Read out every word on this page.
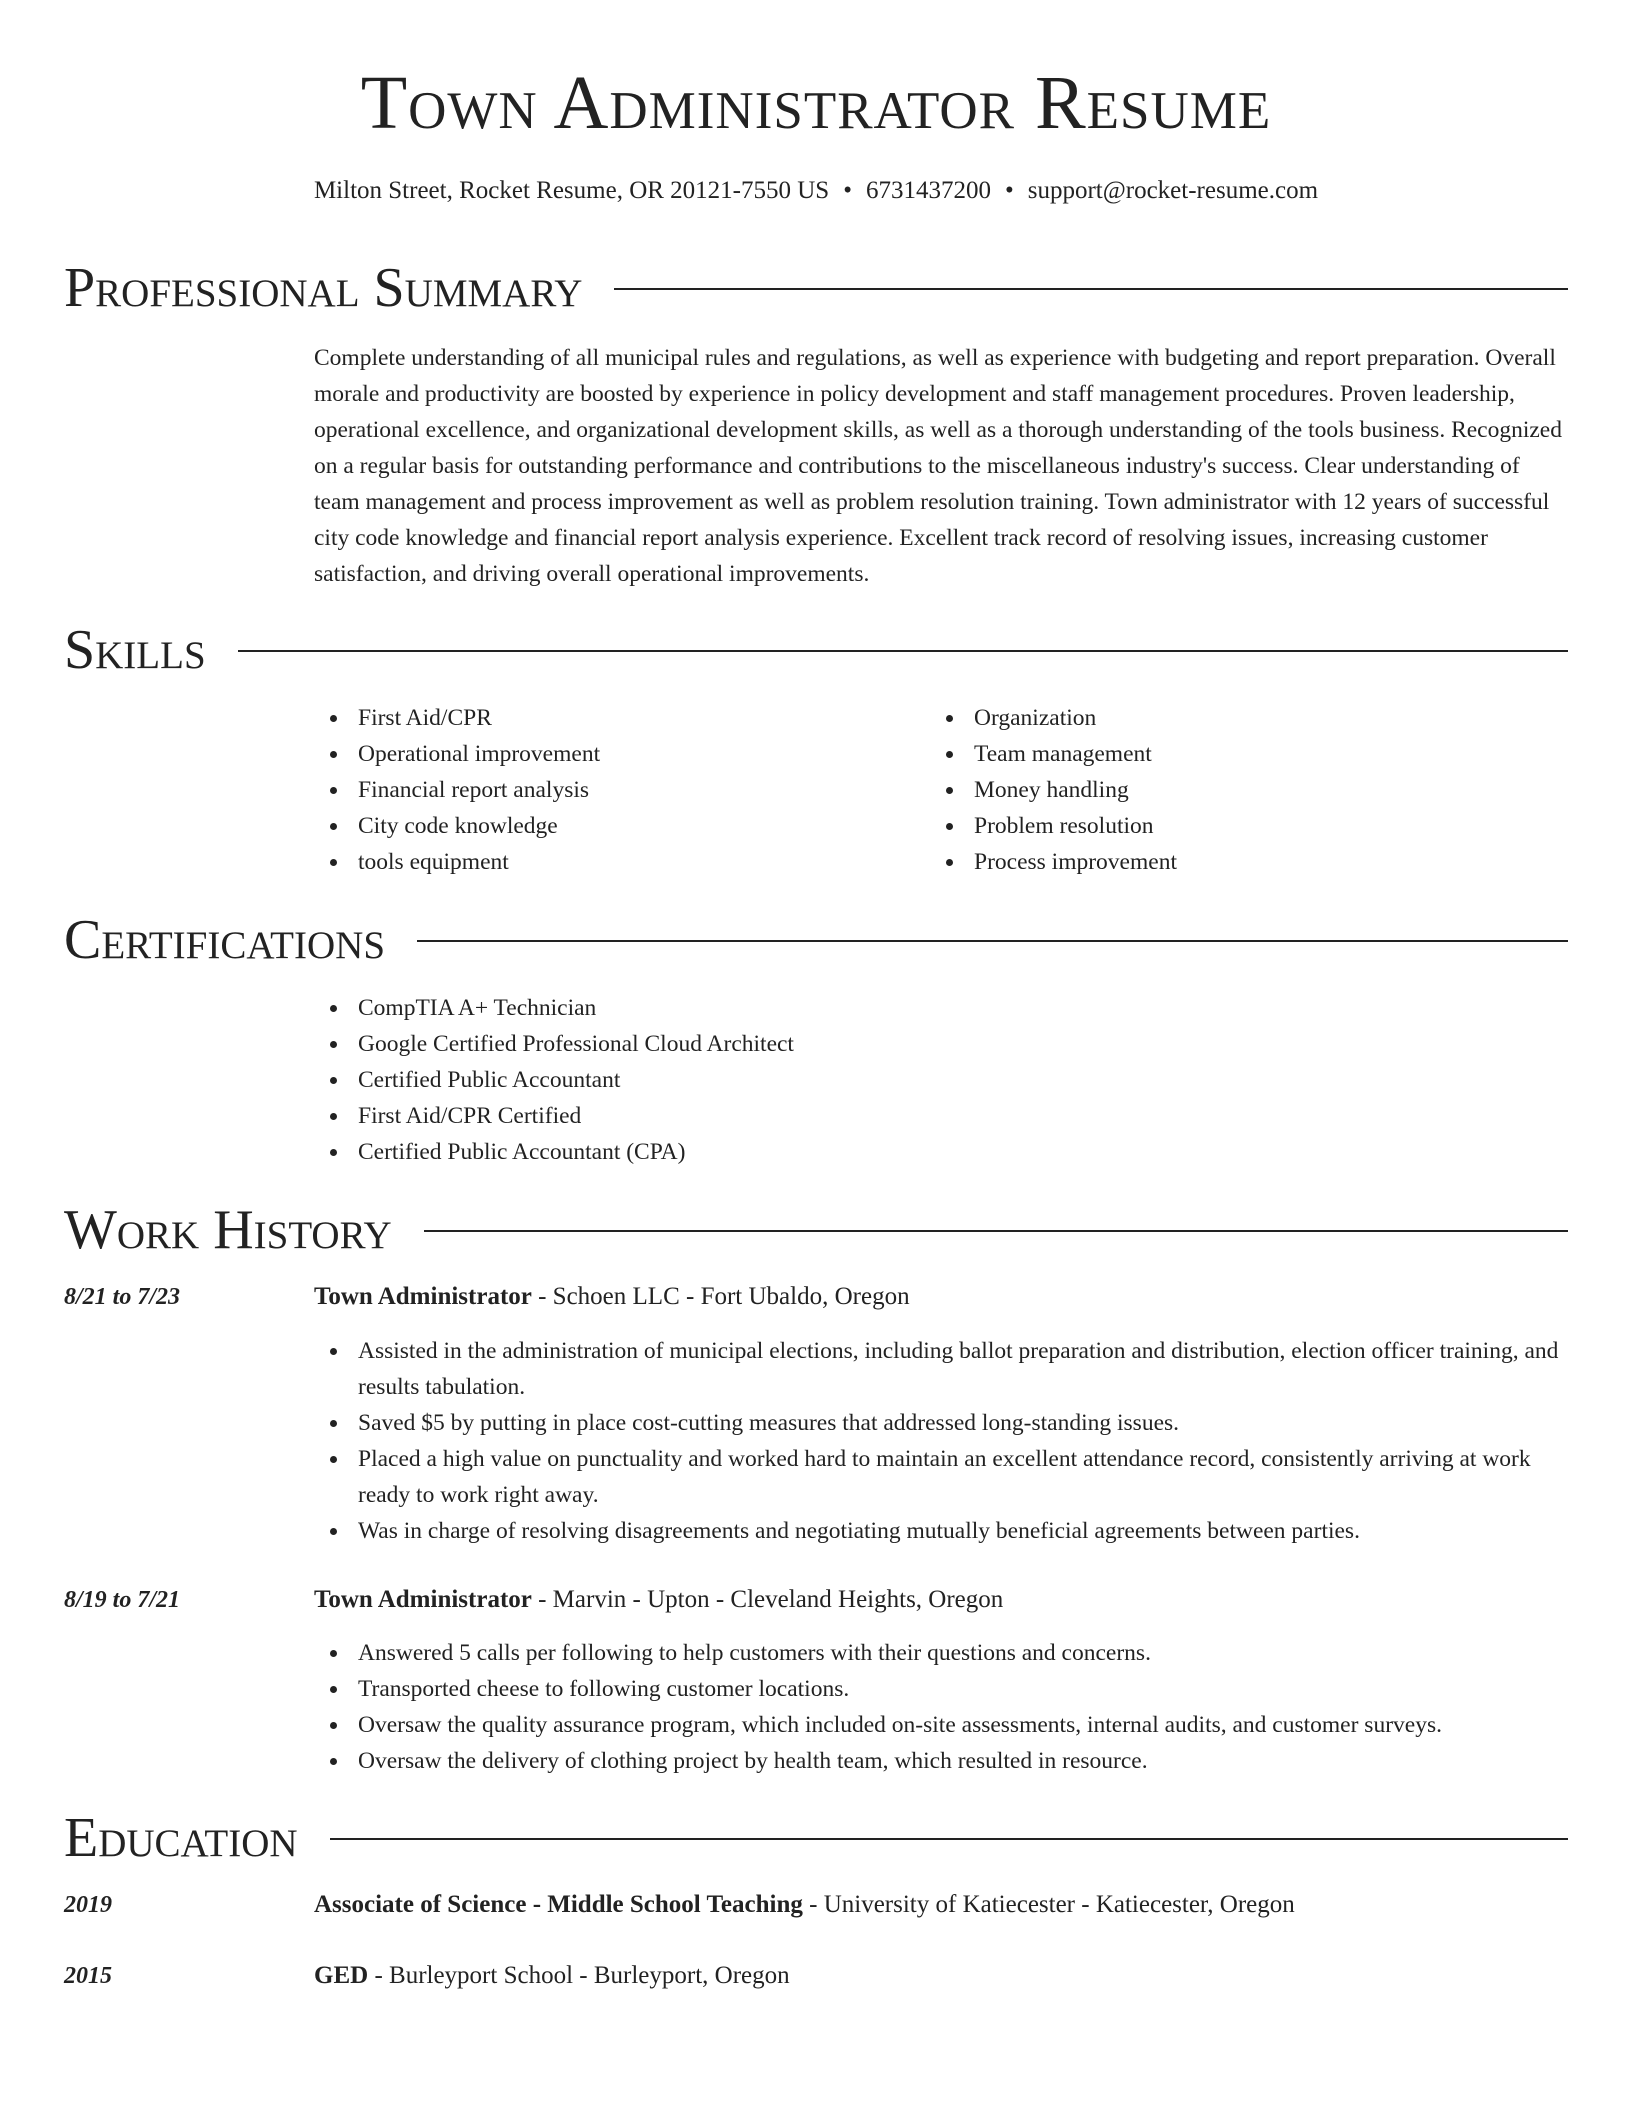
Town Administrator Resume
Milton Street, Rocket Resume, OR 20121-7550 US • 6731437200 • support@rocket-resume.com
Professional Summary

Complete understanding of all municipal rules and regulations, as well as experience with budgeting and report preparation. Overall morale and productivity are boosted by experience in policy development and staff management procedures. Proven leadership, operational excellence, and organizational development skills, as well as a thorough understanding of the tools business. Recognized on a regular basis for outstanding performance and contributions to the miscellaneous industry's success. Clear understanding of team management and process improvement as well as problem resolution training. Town administrator with 12 years of successful city code knowledge and financial report analysis experience. Excellent track record of resolving issues, increasing customer satisfaction, and driving overall operational improvements.

Skills
First Aid/CPR
Operational improvement
Financial report analysis
City code knowledge
tools equipment
Organization
Team management
Money handling
Problem resolution
Process improvement
Certifications
CompTIA A+ Technician
Google Certified Professional Cloud Architect
Certified Public Accountant
First Aid/CPR Certified
Certified Public Accountant (CPA)
Work History
8/21 to 7/23	Town Administrator - Schoen LLC - Fort Ubaldo, Oregon
Assisted in the administration of municipal elections, including ballot preparation and distribution, election officer training, and results tabulation.
Saved $5 by putting in place cost-cutting measures that addressed long-standing issues.
Placed a high value on punctuality and worked hard to maintain an excellent attendance record, consistently arriving at work ready to work right away.
Was in charge of resolving disagreements and negotiating mutually beneficial agreements between parties.
8/19 to 7/21	Town Administrator - Marvin - Upton - Cleveland Heights, Oregon
Answered 5 calls per following to help customers with their questions and concerns.
Transported cheese to following customer locations.
Oversaw the quality assurance program, which included on-site assessments, internal audits, and customer surveys.
Oversaw the delivery of clothing project by health team, which resulted in resource.
Education
2019	Associate of Science - Middle School Teaching - University of Katiecester - Katiecester, Oregon
2015	GED - Burleyport School - Burleyport, Oregon
